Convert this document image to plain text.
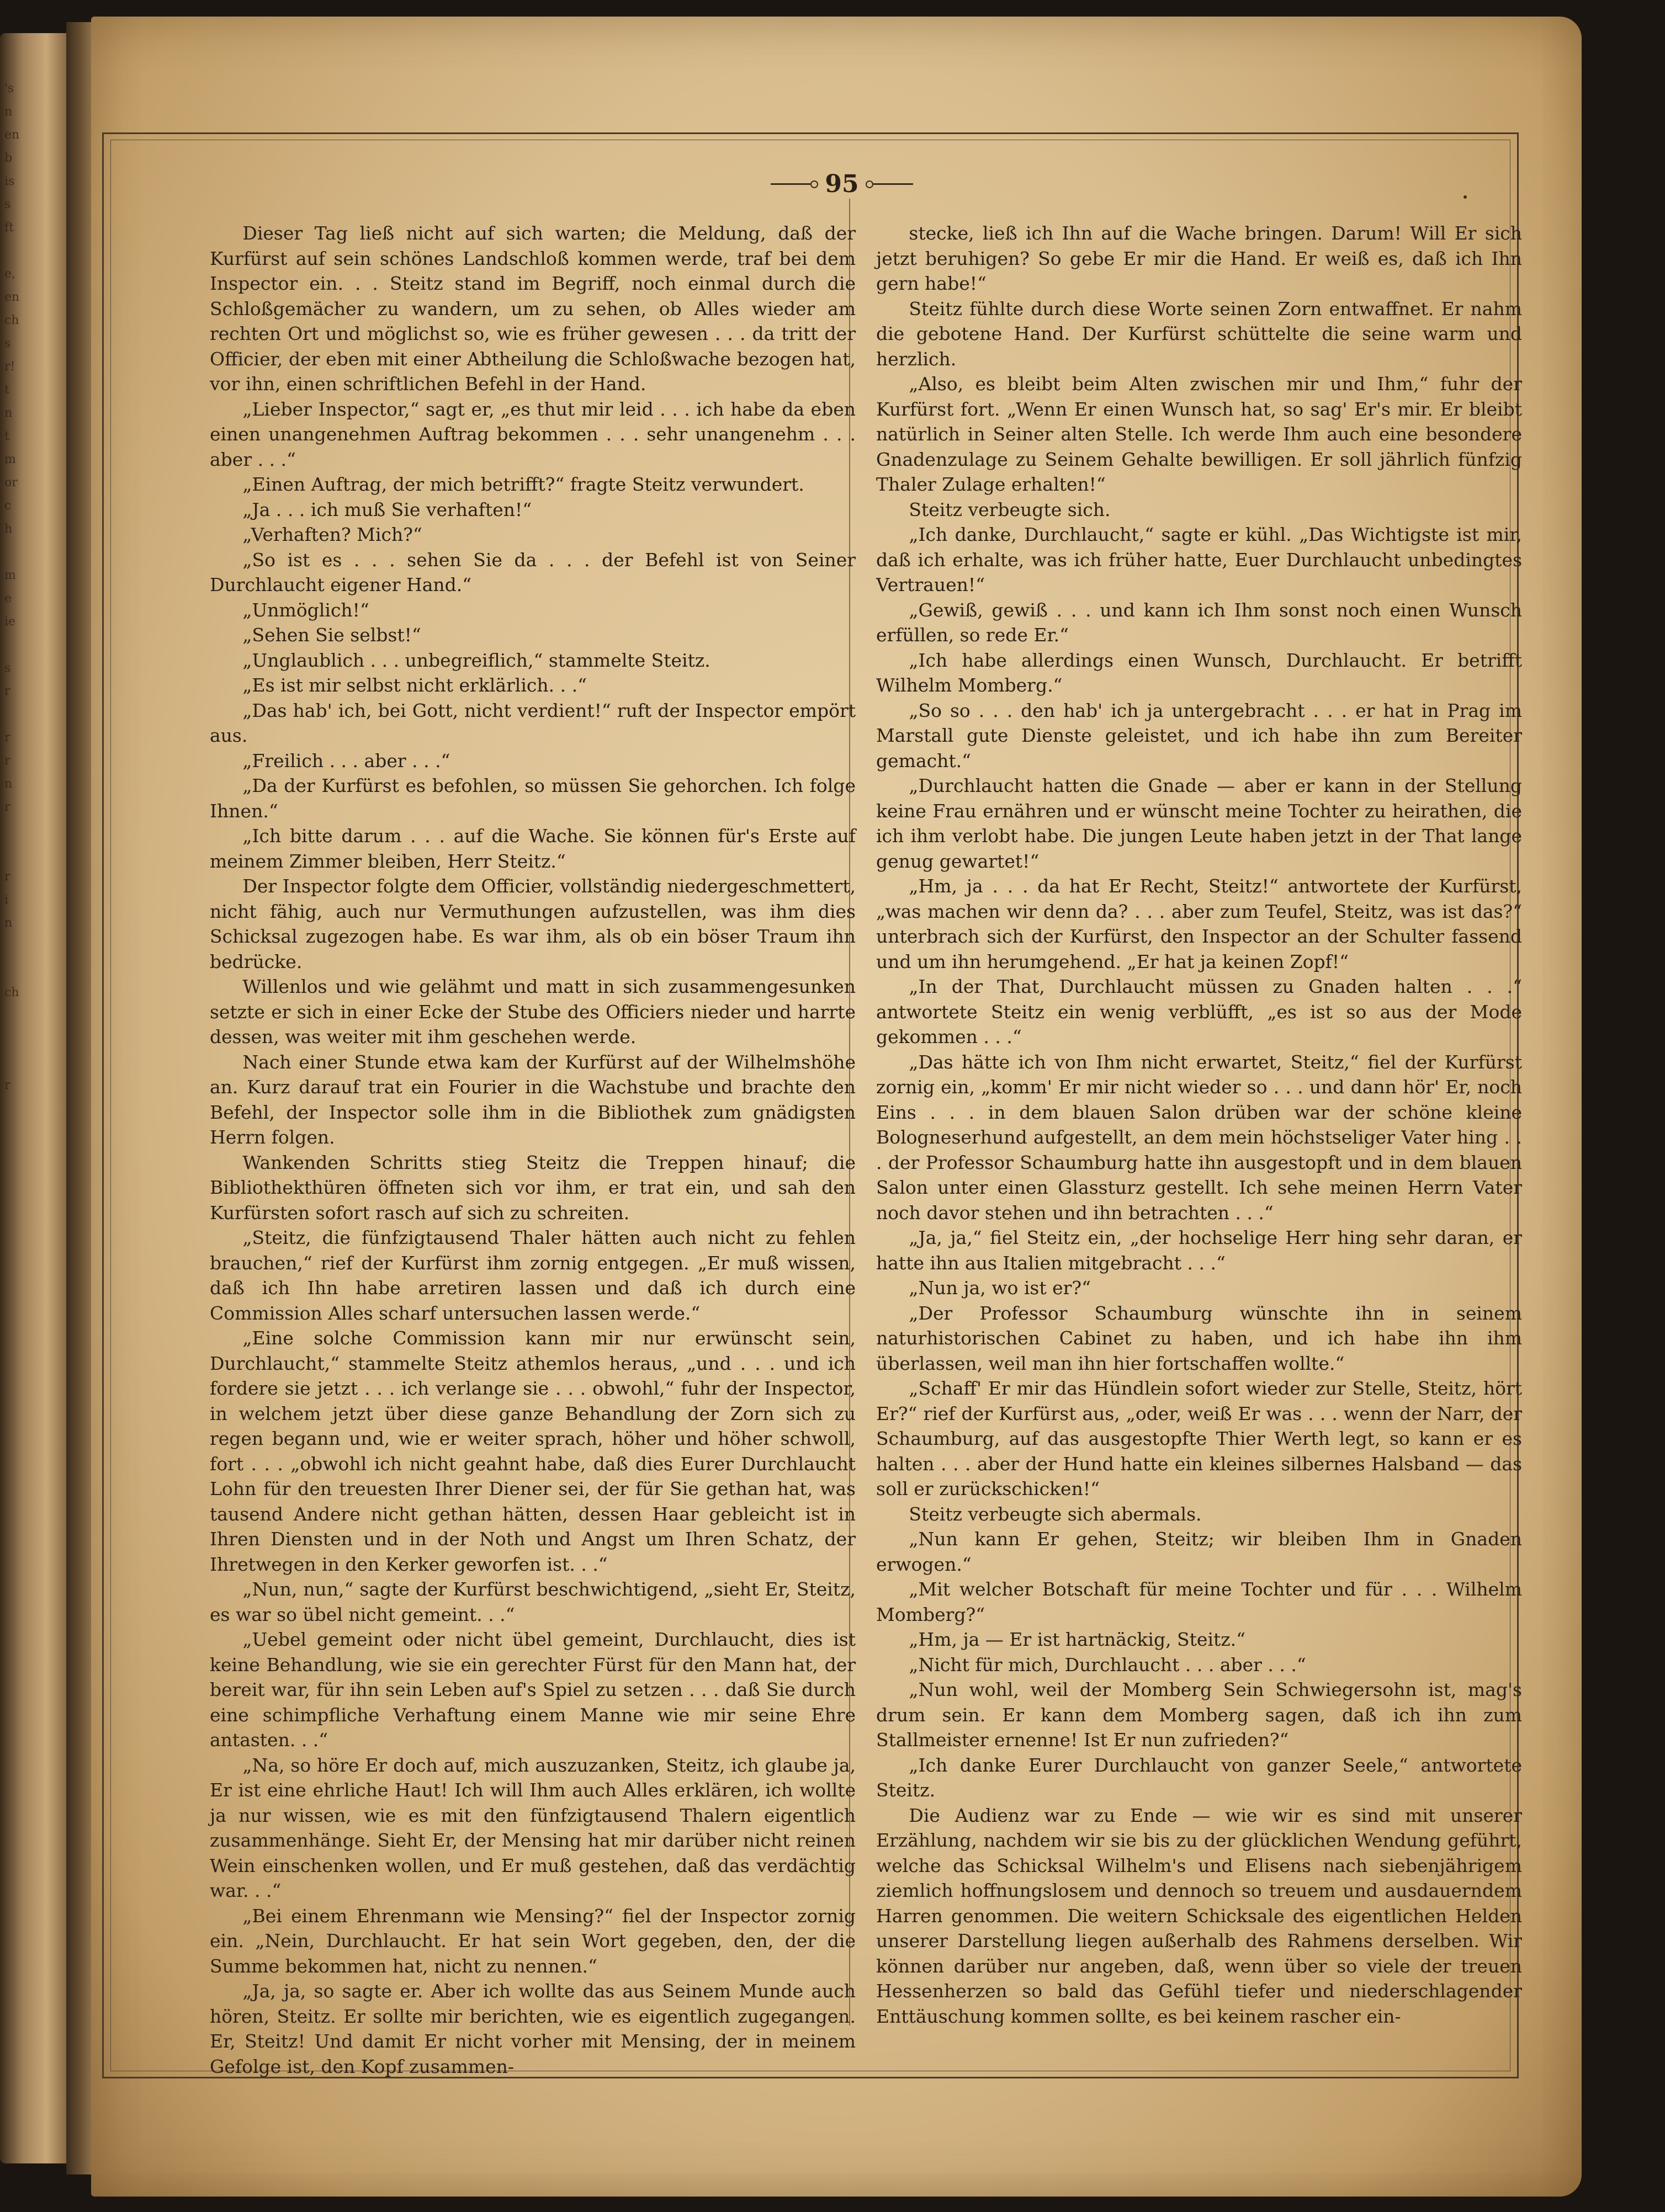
's
n
en
b
is
s
ft
e,
en
ch
s
r!
t
n
t
m
or
c
h
m
e
ie
s
r
r
r
n
r
r
i
n
ch
r
95

Dieser Tag ließ nicht auf sich warten; die Meldung, daß der Kurfürst auf sein schönes Landschloß kommen werde, traf bei dem Inspector ein. . . Steitz stand im Begriff, noch einmal durch die Schloßgemächer zu wandern, um zu sehen, ob Alles wieder am rechten Ort und möglichst so, wie es früher gewesen . . . da tritt der Officier, der eben mit einer Abtheilung die Schloßwache bezogen hat, vor ihn, einen schriftlichen Befehl in der Hand.

„Lieber Inspector,“ sagt er, „es thut mir leid . . . ich habe da eben einen unangenehmen Auftrag bekommen . . . sehr unangenehm . . . aber . . .“

„Einen Auftrag, der mich betrifft?“ fragte Steitz verwundert.

„Ja . . . ich muß Sie verhaften!“

„Verhaften? Mich?“

„So ist es . . . sehen Sie da . . . der Befehl ist von Seiner Durchlaucht eigener Hand.“

„Unmöglich!“

„Sehen Sie selbst!“

„Unglaublich . . . unbegreiflich,“ stammelte Steitz.

„Es ist mir selbst nicht erklärlich. . .“

„Das hab' ich, bei Gott, nicht verdient!“ ruft der Inspector empört aus.

„Freilich . . . aber . . .“

„Da der Kurfürst es befohlen, so müssen Sie gehorchen. Ich folge Ihnen.“

„Ich bitte darum . . . auf die Wache. Sie können für's Erste auf meinem Zimmer bleiben, Herr Steitz.“

Der Inspector folgte dem Officier, vollständig niedergeschmettert, nicht fähig, auch nur Vermuthungen aufzustellen, was ihm dies Schicksal zugezogen habe. Es war ihm, als ob ein böser Traum ihn bedrücke.

Willenlos und wie gelähmt und matt in sich zusammengesunken setzte er sich in einer Ecke der Stube des Officiers nieder und harrte dessen, was weiter mit ihm geschehen werde.

Nach einer Stunde etwa kam der Kurfürst auf der Wilhelmshöhe an. Kurz darauf trat ein Fourier in die Wachstube und brachte den Befehl, der Inspector solle ihm in die Bibliothek zum gnädigsten Herrn folgen.

Wankenden Schritts stieg Steitz die Treppen hinauf; die Bibliothekthüren öffneten sich vor ihm, er trat ein, und sah den Kurfürsten sofort rasch auf sich zu schreiten.

„Steitz, die fünfzigtausend Thaler hätten auch nicht zu fehlen brauchen,“ rief der Kurfürst ihm zornig entgegen. „Er muß wissen, daß ich Ihn habe arretiren lassen und daß ich durch eine Commission Alles scharf untersuchen lassen werde.“

„Eine solche Commission kann mir nur erwünscht sein, Durchlaucht,“ stammelte Steitz athemlos heraus, „und . . . und ich fordere sie jetzt . . . ich verlange sie . . . obwohl,“ fuhr der Inspector, in welchem jetzt über diese ganze Behandlung der Zorn sich zu regen begann und, wie er weiter sprach, höher und höher schwoll, fort . . . „obwohl ich nicht geahnt habe, daß dies Eurer Durchlaucht Lohn für den treuesten Ihrer Diener sei, der für Sie gethan hat, was tausend Andere nicht gethan hätten, dessen Haar gebleicht ist in Ihren Diensten und in der Noth und Angst um Ihren Schatz, der Ihretwegen in den Kerker geworfen ist. . .“

„Nun, nun,“ sagte der Kurfürst beschwichtigend, „sieht Er, Steitz, es war so übel nicht gemeint. . .“

„Uebel gemeint oder nicht übel gemeint, Durchlaucht, dies ist keine Behandlung, wie sie ein gerechter Fürst für den Mann hat, der bereit war, für ihn sein Leben auf's Spiel zu setzen . . . daß Sie durch eine schimpfliche Verhaftung einem Manne wie mir seine Ehre antasten. . .“

„Na, so höre Er doch auf, mich auszuzanken, Steitz, ich glaube ja, Er ist eine ehrliche Haut! Ich will Ihm auch Alles erklären, ich wollte ja nur wissen, wie es mit den fünfzigtausend Thalern eigentlich zusammenhänge. Sieht Er, der Mensing hat mir darüber nicht reinen Wein einschenken wollen, und Er muß gestehen, daß das verdächtig war. . .“

„Bei einem Ehrenmann wie Mensing?“ fiel der Inspector zornig ein. „Nein, Durchlaucht. Er hat sein Wort gegeben, den, der die Summe bekommen hat, nicht zu nennen.“

„Ja, ja, so sagte er. Aber ich wollte das aus Seinem Munde auch hören, Steitz. Er sollte mir berichten, wie es eigentlich zugegangen. Er, Steitz! Und damit Er nicht vorher mit Mensing, der in meinem Gefolge ist, den Kopf zusammen-

stecke, ließ ich Ihn auf die Wache bringen. Darum! Will Er sich jetzt beruhigen? So gebe Er mir die Hand. Er weiß es, daß ich Ihn gern habe!“

Steitz fühlte durch diese Worte seinen Zorn entwaffnet. Er nahm die gebotene Hand. Der Kurfürst schüttelte die seine warm und herzlich.

„Also, es bleibt beim Alten zwischen mir und Ihm,“ fuhr der Kurfürst fort. „Wenn Er einen Wunsch hat, so sag' Er's mir. Er bleibt natürlich in Seiner alten Stelle. Ich werde Ihm auch eine besondere Gnadenzulage zu Seinem Gehalte bewilligen. Er soll jährlich fünfzig Thaler Zulage erhalten!“

Steitz verbeugte sich.

„Ich danke, Durchlaucht,“ sagte er kühl. „Das Wichtigste ist mir, daß ich erhalte, was ich früher hatte, Euer Durchlaucht unbedingtes Vertrauen!“

„Gewiß, gewiß . . . und kann ich Ihm sonst noch einen Wunsch erfüllen, so rede Er.“

„Ich habe allerdings einen Wunsch, Durchlaucht. Er betrifft Wilhelm Momberg.“

„So so . . . den hab' ich ja untergebracht . . . er hat in Prag im Marstall gute Dienste geleistet, und ich habe ihn zum Bereiter gemacht.“

„Durchlaucht hatten die Gnade — aber er kann in der Stellung keine Frau ernähren und er wünscht meine Tochter zu heirathen, die ich ihm verlobt habe. Die jungen Leute haben jetzt in der That lange genug gewartet!“

„Hm, ja . . . da hat Er Recht, Steitz!“ antwortete der Kurfürst, „was machen wir denn da? . . . aber zum Teufel, Steitz, was ist das?“ unterbrach sich der Kurfürst, den Inspector an der Schulter fassend und um ihn herumgehend. „Er hat ja keinen Zopf!“

„In der That, Durchlaucht müssen zu Gnaden halten . . .“ antwortete Steitz ein wenig verblüfft, „es ist so aus der Mode gekommen . . .“

„Das hätte ich von Ihm nicht erwartet, Steitz,“ fiel der Kurfürst zornig ein, „komm' Er mir nicht wieder so . . . und dann hör' Er, noch Eins . . . in dem blauen Salon drüben war der schöne kleine Bologneserhund aufgestellt, an dem mein höchstseliger Vater hing . . . der Professor Schaumburg hatte ihn ausgestopft und in dem blauen Salon unter einen Glassturz gestellt. Ich sehe meinen Herrn Vater noch davor stehen und ihn betrachten . . .“

„Ja, ja,“ fiel Steitz ein, „der hochselige Herr hing sehr daran, er hatte ihn aus Italien mitgebracht . . .“

„Nun ja, wo ist er?“

„Der Professor Schaumburg wünschte ihn in seinem naturhistorischen Cabinet zu haben, und ich habe ihn ihm überlassen, weil man ihn hier fortschaffen wollte.“

„Schaff' Er mir das Hündlein sofort wieder zur Stelle, Steitz, hört Er?“ rief der Kurfürst aus, „oder, weiß Er was . . . wenn der Narr, der Schaumburg, auf das ausgestopfte Thier Werth legt, so kann er es halten . . . aber der Hund hatte ein kleines silbernes Halsband — das soll er zurückschicken!“

Steitz verbeugte sich abermals.

„Nun kann Er gehen, Steitz; wir bleiben Ihm in Gnaden erwogen.“

„Mit welcher Botschaft für meine Tochter und für . . . Wilhelm Momberg?“

„Hm, ja — Er ist hartnäckig, Steitz.“

„Nicht für mich, Durchlaucht . . . aber . . .“

„Nun wohl, weil der Momberg Sein Schwiegersohn ist, mag's drum sein. Er kann dem Momberg sagen, daß ich ihn zum Stallmeister ernenne! Ist Er nun zufrieden?“

„Ich danke Eurer Durchlaucht von ganzer Seele,“ antwortete Steitz.

Die Audienz war zu Ende — wie wir es sind mit unserer Erzählung, nachdem wir sie bis zu der glücklichen Wendung geführt, welche das Schicksal Wilhelm's und Elisens nach siebenjährigem ziemlich hoffnungslosem und dennoch so treuem und ausdauerndem Harren genommen. Die weitern Schicksale des eigentlichen Helden unserer Darstellung liegen außerhalb des Rahmens derselben. Wir können darüber nur angeben, daß, wenn über so viele der treuen Hessenherzen so bald das Gefühl tiefer und niederschlagender Enttäuschung kommen sollte, es bei keinem rascher ein-
